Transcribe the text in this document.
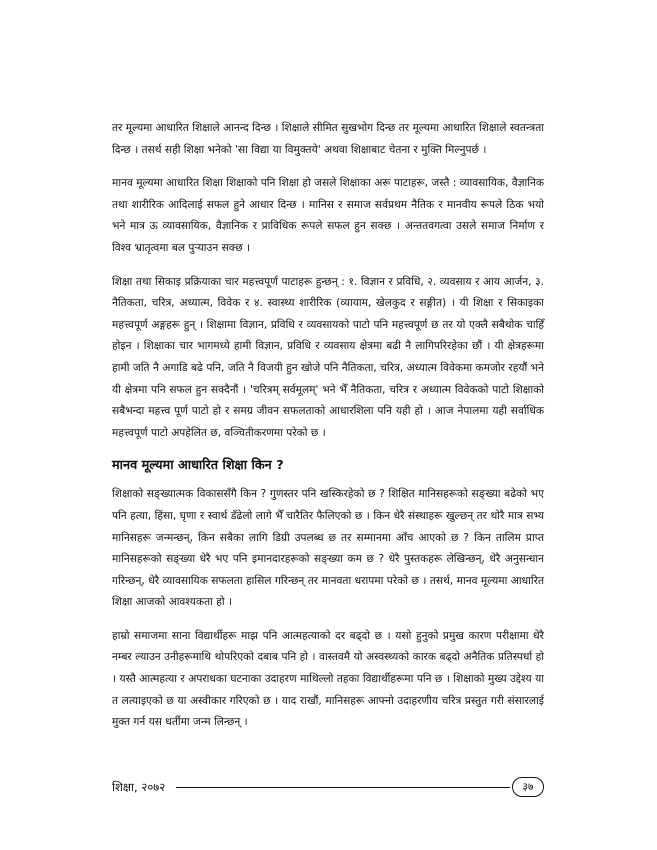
तर मूल्यमा आधारित शिक्षाले आनन्द दिन्छ । शिक्षाले सीमित सुखभोग दिन्छ तर मूल्यमा आधारित शिक्षाले स्वतन्त्रता दिन्छ । तसर्थ सही शिक्षा भनेको 'सा विद्या या विमुक्तये' अथवा शिक्षाबाट चेतना र मुक्ति मिल्नुपर्छ ।

मानव मूल्यमा आधारित शिक्षा शिक्षाको पनि शिक्षा हो जसले शिक्षाका अरू पाटाहरू, जस्तै : व्यावसायिक, वैज्ञानिक तथा शारीरिक आदिलाई सफल हुने आधार दिन्छ । मानिस र समाज सर्वप्रथम नैतिक र मानवीय रूपले ठिक भयो भने मात्र ऊ व्यावसायिक, वैज्ञानिक र प्राविधिक रूपले सफल हुन सक्छ । अन्ततवगत्वा उसले समाज निर्माण र विश्व भ्रातृत्वमा बल पुऱ्याउन सक्छ ।

शिक्षा तथा सिकाइ प्रक्रियाका चार महत्त्वपूर्ण पाटाहरू हुन्छन् : १. विज्ञान र प्रविधि, २. व्यवसाय र आय आर्जन, ३. नैतिकता, चरित्र, अध्यात्म, विवेक र ४. स्वास्थ्य शारीरिक (व्यायाम, खेलकुद र सङ्गीत) । यी शिक्षा र सिकाइका महत्त्वपूर्ण अङ्गहरू हुन् । शिक्षामा विज्ञान, प्रविधि र व्यवसायको पाटो पनि महत्त्वपूर्ण छ तर यो एक्लै सबैथोक चाहिँ होइन । शिक्षाका चार भागमध्ये हामी विज्ञान, प्रविधि र व्यवसाय क्षेत्रमा बढी नै लागिपरिरहेका छौं । यी क्षेत्रहरूमा हामी जति नै अगाडि बढे पनि, जति नै विजयी हुन खोजे पनि नैतिकता, चरित्र, अध्यात्म विवेकमा कमजोर रहयौं भने यी क्षेत्रमा पनि सफल हुन सक्दैनौं । 'चरित्रम् सर्वमूलम्' भने भैँ नैतिकता, चरित्र र अध्यात्म विवेकको पाटो शिक्षाको सबैभन्दा महत्त्व पूर्ण पाटो हो र समग्र जीवन सफलताको आधारशिला पनि यही हो । आज नेपालमा यही सर्वाधिक महत्त्वपूर्ण पाटो अपहेलित छ, वञ्चितीकरणमा परेको छ ।

मानव मूल्यमा आधारित शिक्षा किन ?

शिक्षाको सङ्ख्यात्मक विकाससँगै किन ? गुणस्तर पनि खस्किरहेको छ ? शिक्षित मानिसहरूको सङ्ख्या बढेको भए पनि हत्या, हिंसा, घृणा र स्वार्थ डँढेलो लागे भैँ चारैतिर फैलिएको छ । किन धेरै संस्थाहरू खुल्छन् तर थोरै मात्र सभ्य मानिसहरू जन्मन्छन्, किन सबैका लागि डिग्री उपलब्ध छ तर सम्मानमा आँच आएको छ ? किन तालिम प्राप्त मानिसहरूको सङ्ख्या धेरै भए पनि इमानदारहरूको सङ्ख्या कम छ ? धेरै पुस्तकहरू लेखिन्छन्, धेरै अनुसन्धान गरिन्छन्, धेरै व्यावसायिक सफलता हासिल गरिन्छन् तर मानवता धरापमा परेको छ । तसर्थ, मानव मूल्यमा आधारित शिक्षा आजको आवश्यकता हो ।

हाम्रो समाजमा साना विद्यार्थीहरू माझ पनि आत्महत्याको दर बढ्दो छ । यसो हुनुको प्रमुख कारण परीक्षामा धेरै नम्बर ल्याउन उनीहरूमाथि थोपरिएको दबाब पनि हो । वास्तवमै यो अस्वस्थ्यको कारक बढ्दो अनैतिक प्रतिस्पर्धा हो । यस्तै आत्महत्या र अपराधका घटनाका उदाहरण माथिल्लो तहका विद्यार्थीहरूमा पनि छ । शिक्षाको मुख्य उद्देश्य या त लत्याइएको छ या अस्वीकार गरिएको छ । याद राखौं, मानिसहरू आफ्नो उदाहरणीय चरित्र प्रस्तुत गरी संसारलाई मुक्त गर्न यस धर्तीमा जन्म लिन्छन् ।

शिक्षा, २०७२	३७
